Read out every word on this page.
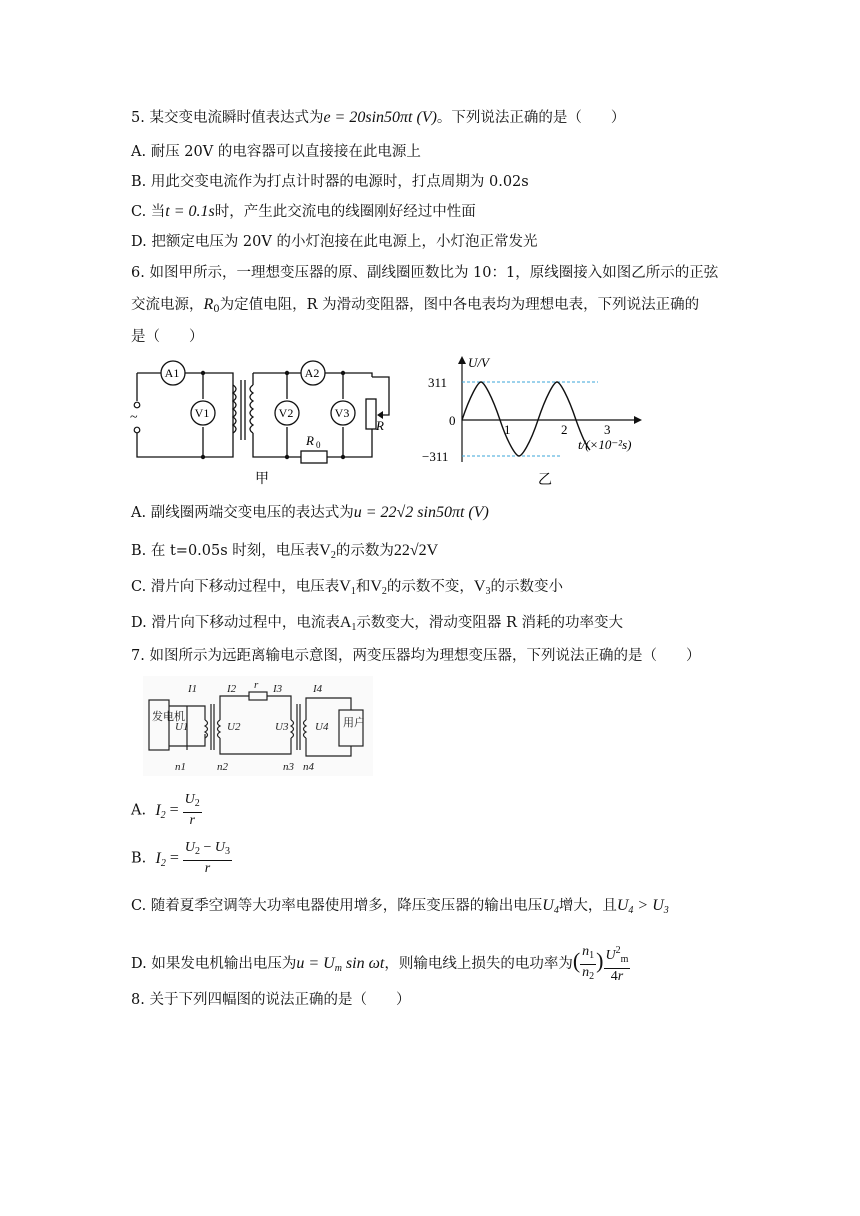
5. 某交变电流瞬时值表达式为e = 20sin50πt (V)。下列说法正确的是（　　）
A. 耐压 20V 的电容器可以直接接在此电源上
B. 用此交变电流作为打点计时器的电源时，打点周期为 0.02s
C. 当t = 0.1s时，产生此交流电的线圈刚好经过中性面
D. 把额定电压为 20V 的小灯泡接在此电源上，小灯泡正常发光
6. 如图甲所示，一理想变压器的原、副线圈匝数比为 10：1，原线圈接入如图乙所示的正弦
交流电源，$R_0$为定值电阻，R 为滑动变阻器，图中各电表均为理想电表，下列说法正确的
是（　　）
~
R 0
R
A1
V1
A2
V2	V3
甲
U/V
311
0
−311
1	2	3
t/(×10⁻²s)
乙
A. 副线圈两端交变电压的表达式为u = 22√2 sin50πt (V)
B. 在 t=0.05s 时刻，电压表$V_2$的示数为22√2V
C. 滑片向下移动过程中，电压表$V_1$和$V_2$的示数不变，$V_3$的示数变小
D. 滑片向下移动过程中，电流表$A_1$示数变大，滑动变阻器 R 消耗的功率变大
7. 如图所示为远距离输电示意图，两变压器均为理想变压器，下列说法正确的是（　　）
发电机	用户
I1	I2	I3	I4
r
U1	U2	U3 U4
n1	n2	n3 n4
A. $I_2 = \frac{U_2}{r}$
B. $I_2 = \frac{U_2 - U_3}{r}$
C. 随着夏季空调等大功率电器使用增多，降压变压器的输出电压$U_4$增大，且$U_4 > U_3$
D. 如果发电机输出电压为$u = U_m$ sin ωt，则输电线上损失的电功率为( $\frac{n_1}{n_2}$ ) $\frac{U^2_m}{4r}$
8. 关于下列四幅图的说法正确的是（　　）
